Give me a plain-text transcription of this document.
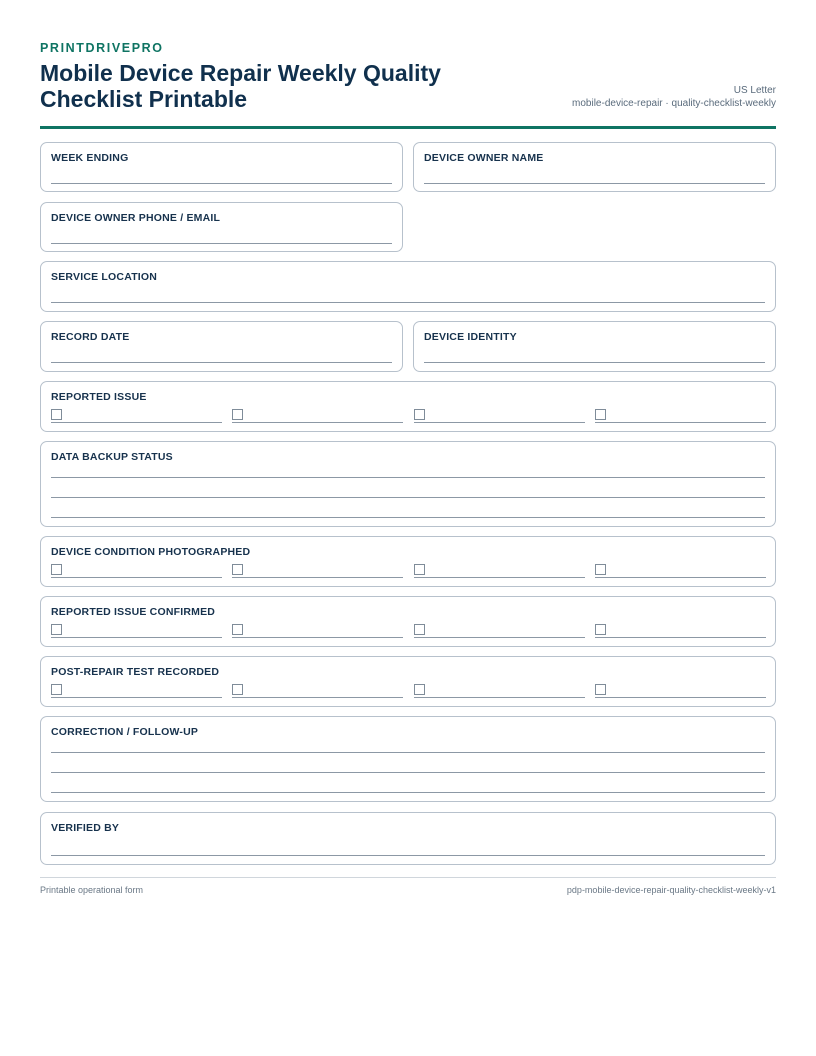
PRINTDRIVEPRO
Mobile Device Repair Weekly Quality Checklist Printable	US Letter
mobile-device-repair · quality-checklist-weekly
WEEK ENDING	DEVICE OWNER NAME
DEVICE OWNER PHONE / EMAIL
SERVICE LOCATION
RECORD DATE	DEVICE IDENTITY
REPORTED ISSUE
DATA BACKUP STATUS
DEVICE CONDITION PHOTOGRAPHED
REPORTED ISSUE CONFIRMED
POST-REPAIR TEST RECORDED
CORRECTION / FOLLOW-UP
VERIFIED BY
Printable operational form	pdp-mobile-device-repair-quality-checklist-weekly-v1
